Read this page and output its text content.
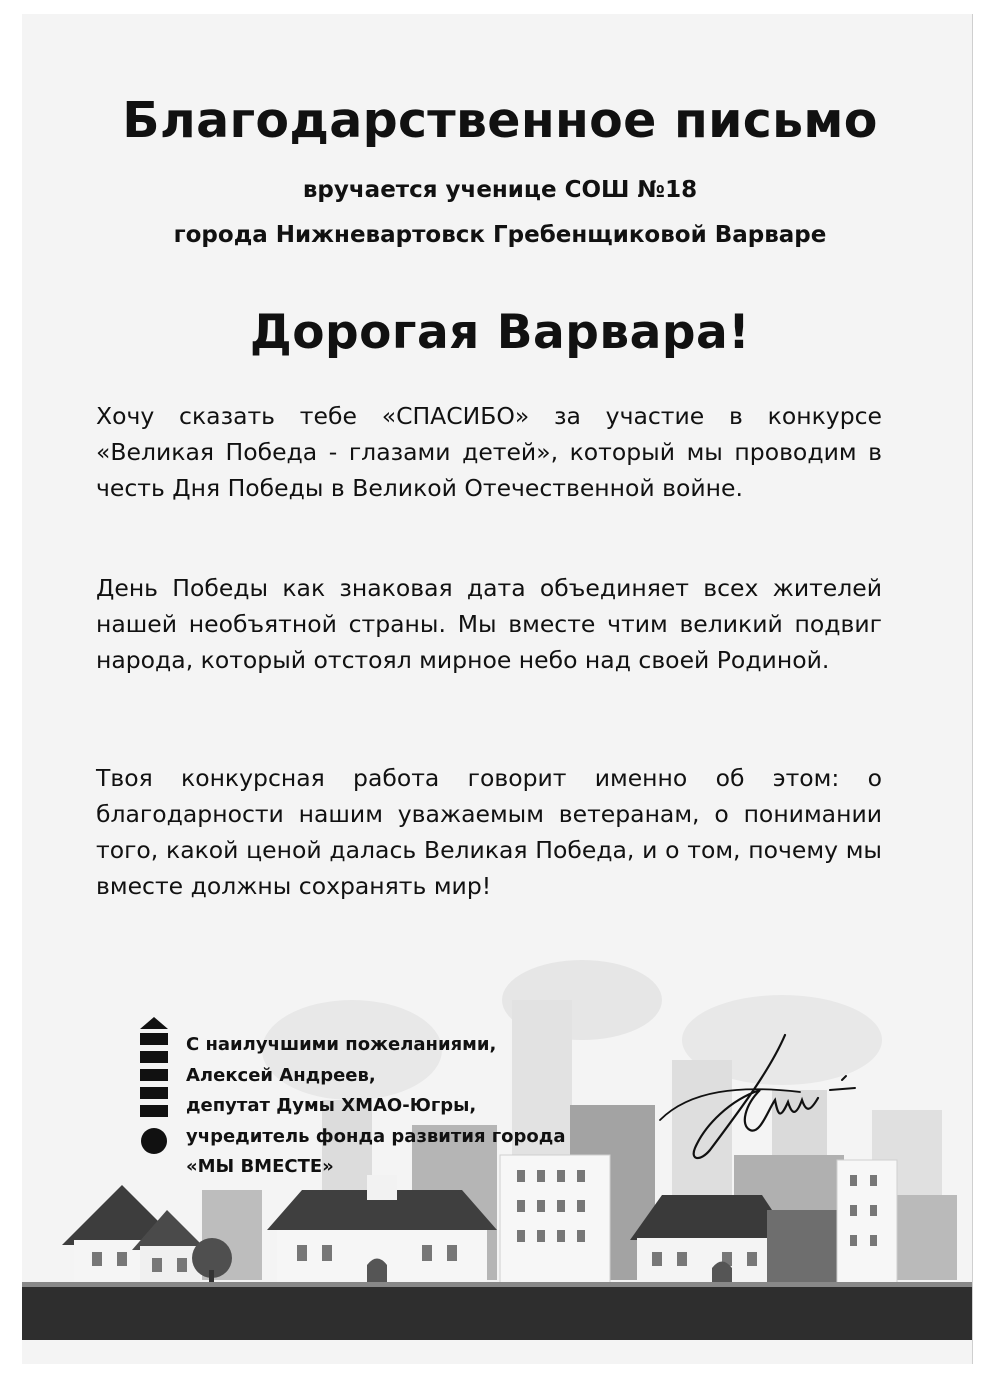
Благодарственное письмо
вручается ученице СОШ №18
города Нижневартовск Гребенщиковой Варваре
Дорогая Варвара!
Хочу сказать тебе «СПАСИБО» за участие в конкурсе «Великая Победа - глазами детей», который мы проводим в честь Дня Победы в Великой Отечественной войне.
День Победы как знаковая дата объединяет всех жителей нашей необъятной страны. Мы вместе чтим великий подвиг народа, который отстоял мирное небо над своей Родиной.
Твоя конкурсная работа говорит именно об этом: о благодарности нашим уважаемым ветеранам, о понимании того, какой ценой далась Великая Победа, и о том, почему мы вместе должны сохранять мир!
С наилучшими пожеланиями,
Алексей Андреев,
депутат Думы ХМАО-Югры,
учредитель фонда развития города
«МЫ ВМЕСТЕ»
